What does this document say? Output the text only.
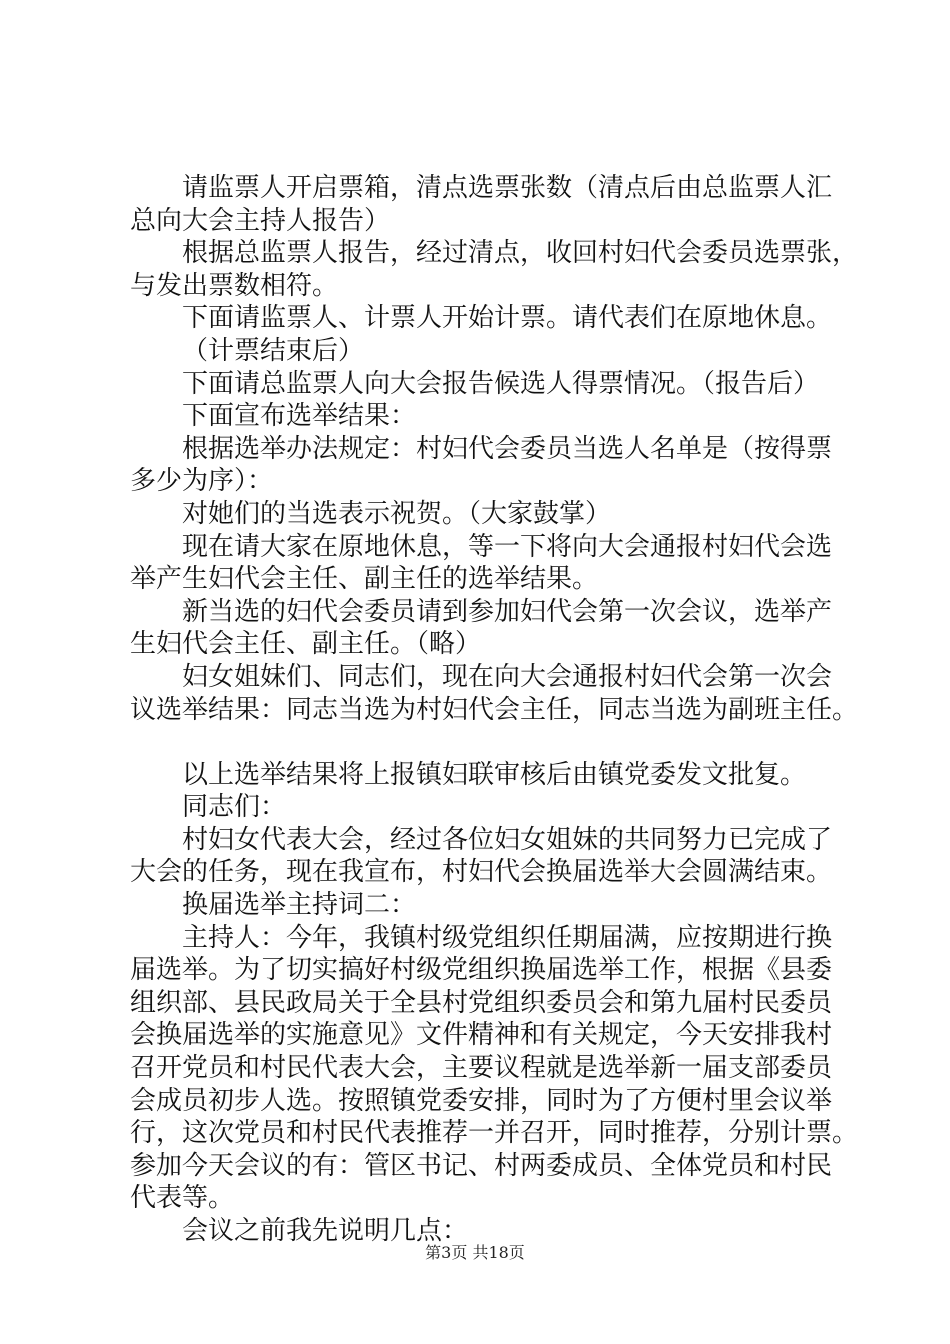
请监票人开启票箱，清点选票张数（清点后由总监票人汇

总向大会主持人报告）

根据总监票人报告，经过清点，收回村妇代会委员选票张，

与发出票数相符。

下面请监票人、计票人开始计票。请代表们在原地休息。

（计票结束后）

下面请总监票人向大会报告候选人得票情况。（报告后）

下面宣布选举结果：

根据选举办法规定：村妇代会委员当选人名单是（按得票

多少为序）：

对她们的当选表示祝贺。（大家鼓掌）

现在请大家在原地休息，等一下将向大会通报村妇代会选

举产生妇代会主任、副主任的选举结果。

新当选的妇代会委员请到参加妇代会第一次会议，选举产

生妇代会主任、副主任。（略）

妇女姐妹们、同志们，现在向大会通报村妇代会第一次会

议选举结果：同志当选为村妇代会主任，同志当选为副班主任。

以上选举结果将上报镇妇联审核后由镇党委发文批复。

同志们：

村妇女代表大会，经过各位妇女姐妹的共同努力已完成了

大会的任务，现在我宣布，村妇代会换届选举大会圆满结束。

换届选举主持词二：

主持人：今年，我镇村级党组织任期届满，应按期进行换

届选举。为了切实搞好村级党组织换届选举工作，根据《县委

组织部、县民政局关于全县村党组织委员会和第九届村民委员

会换届选举的实施意见》文件精神和有关规定，今天安排我村

召开党员和村民代表大会，主要议程就是选举新一届支部委员

会成员初步人选。按照镇党委安排，同时为了方便村里会议举

行，这次党员和村民代表推荐一并召开，同时推荐，分别计票。

参加今天会议的有：管区书记、村两委成员、全体党员和村民

代表等。

会议之前我先说明几点：

第3页 共18页
